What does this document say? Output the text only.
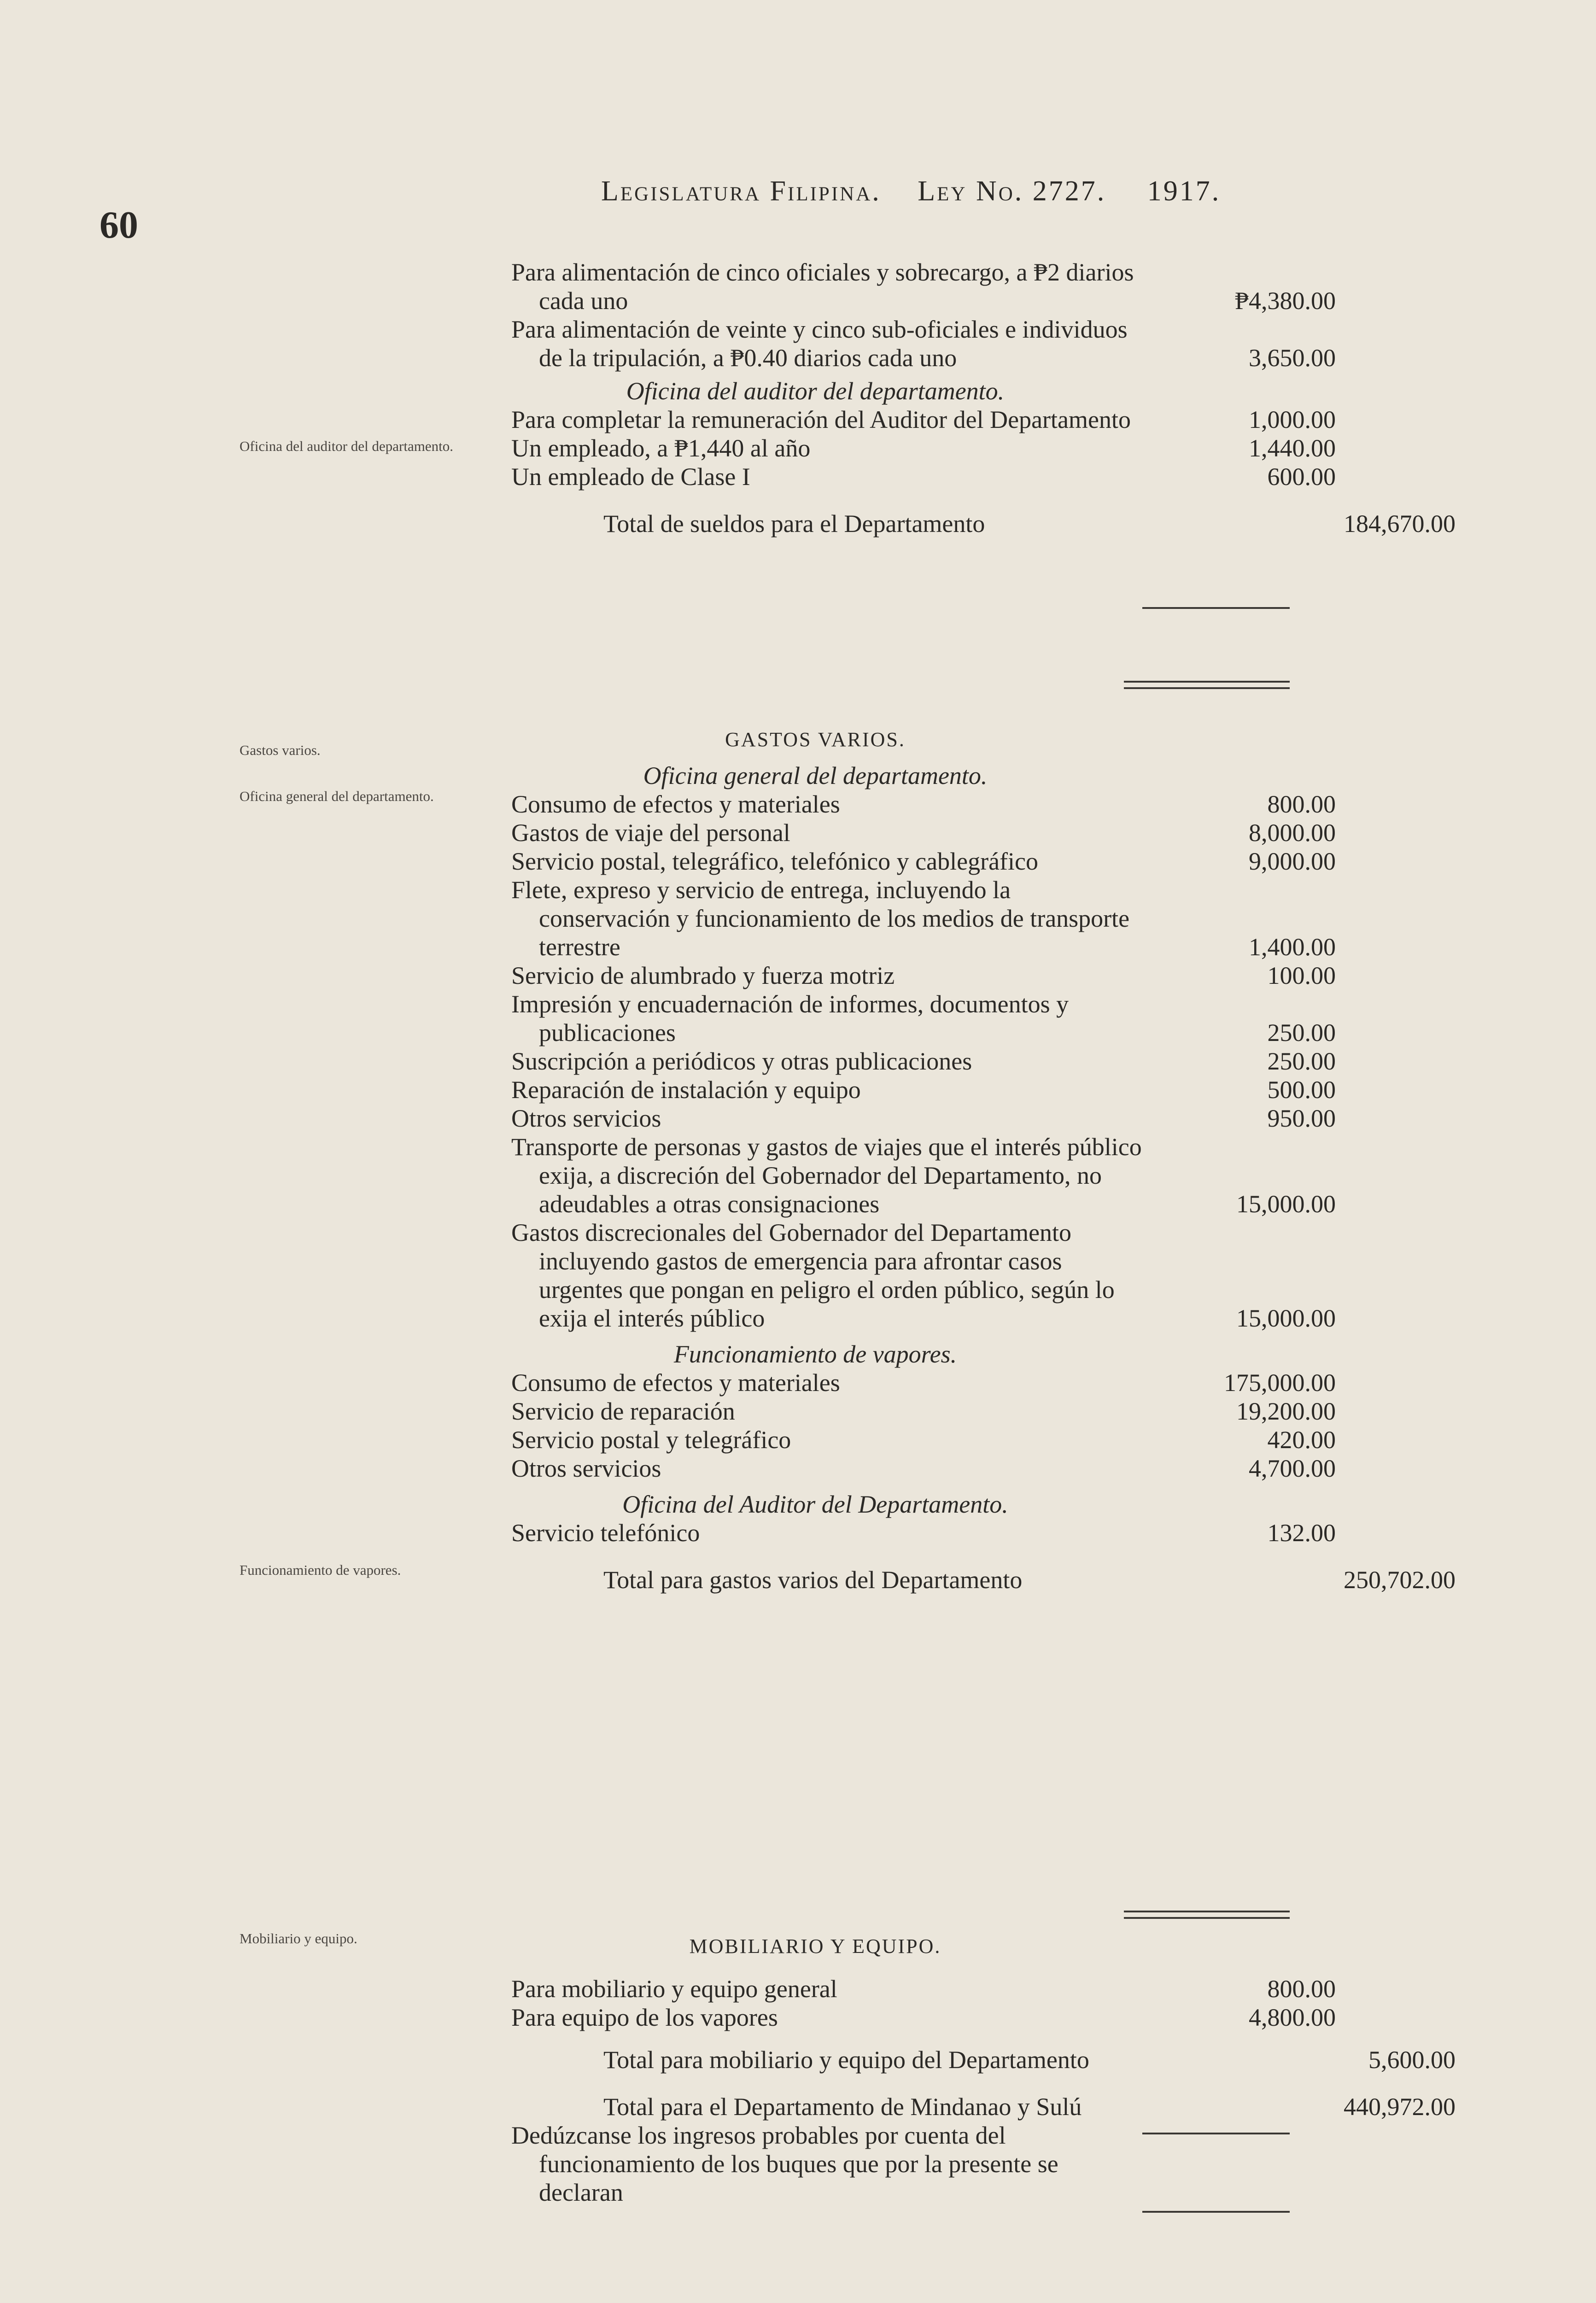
60
Legislatura Filipina. Ley No. 2727. 1917.
Oficina del auditor del departamento.
Gastos varios.
Oficina general del departamento.
Funcionamiento de vapores.
Mobiliario y equipo.
Para alimentación de cinco oficiales y sobrecargo, a ₱2 diarios cada uno	₱4,380.00
Para alimentación de veinte y cinco sub-oficiales e individuos de la tripulación, a ₱0.40 diarios cada uno	3,650.00
Oficina del auditor del departamento.
Para completar la remuneración del Auditor del Departamento	1,000.00
Un empleado, a ₱1,440 al año	1,440.00
Un empleado de Clase I	600.00
Total de sueldos para el Departamento	184,670.00
GASTOS VARIOS.
Oficina general del departamento.
Consumo de efectos y materiales	800.00
Gastos de viaje del personal	8,000.00
Servicio postal, telegráfico, telefónico y cablegráfico	9,000.00
Flete, expreso y servicio de entrega, incluyendo la conservación y funcionamiento de los medios de transporte terrestre	1,400.00
Servicio de alumbrado y fuerza motriz	100.00
Impresión y encuadernación de informes, documentos y publicaciones	250.00
Suscripción a periódicos y otras publicaciones	250.00
Reparación de instalación y equipo	500.00
Otros servicios	950.00
Transporte de personas y gastos de viajes que el interés público exija, a discreción del Gobernador del Departamento, no adeudables a otras consignaciones	15,000.00
Gastos discrecionales del Gobernador del Departamento incluyendo gastos de emergencia para afrontar casos urgentes que pongan en peligro el orden público, según lo exija el interés público	15,000.00
Funcionamiento de vapores.
Consumo de efectos y materiales	175,000.00
Servicio de reparación	19,200.00
Servicio postal y telegráfico	420.00
Otros servicios	4,700.00
Oficina del Auditor del Departamento.
Servicio telefónico	132.00
Total para gastos varios del Departamento	250,702.00
MOBILIARIO Y EQUIPO.
Para mobiliario y equipo general	800.00
Para equipo de los vapores	4,800.00
Total para mobiliario y equipo del Departamento	5,600.00
Total para el Departamento de Mindanao y Sulú	440,972.00
Dedúzcanse los ingresos probables por cuenta del funcionamiento de los buques que por la presente se declaran
